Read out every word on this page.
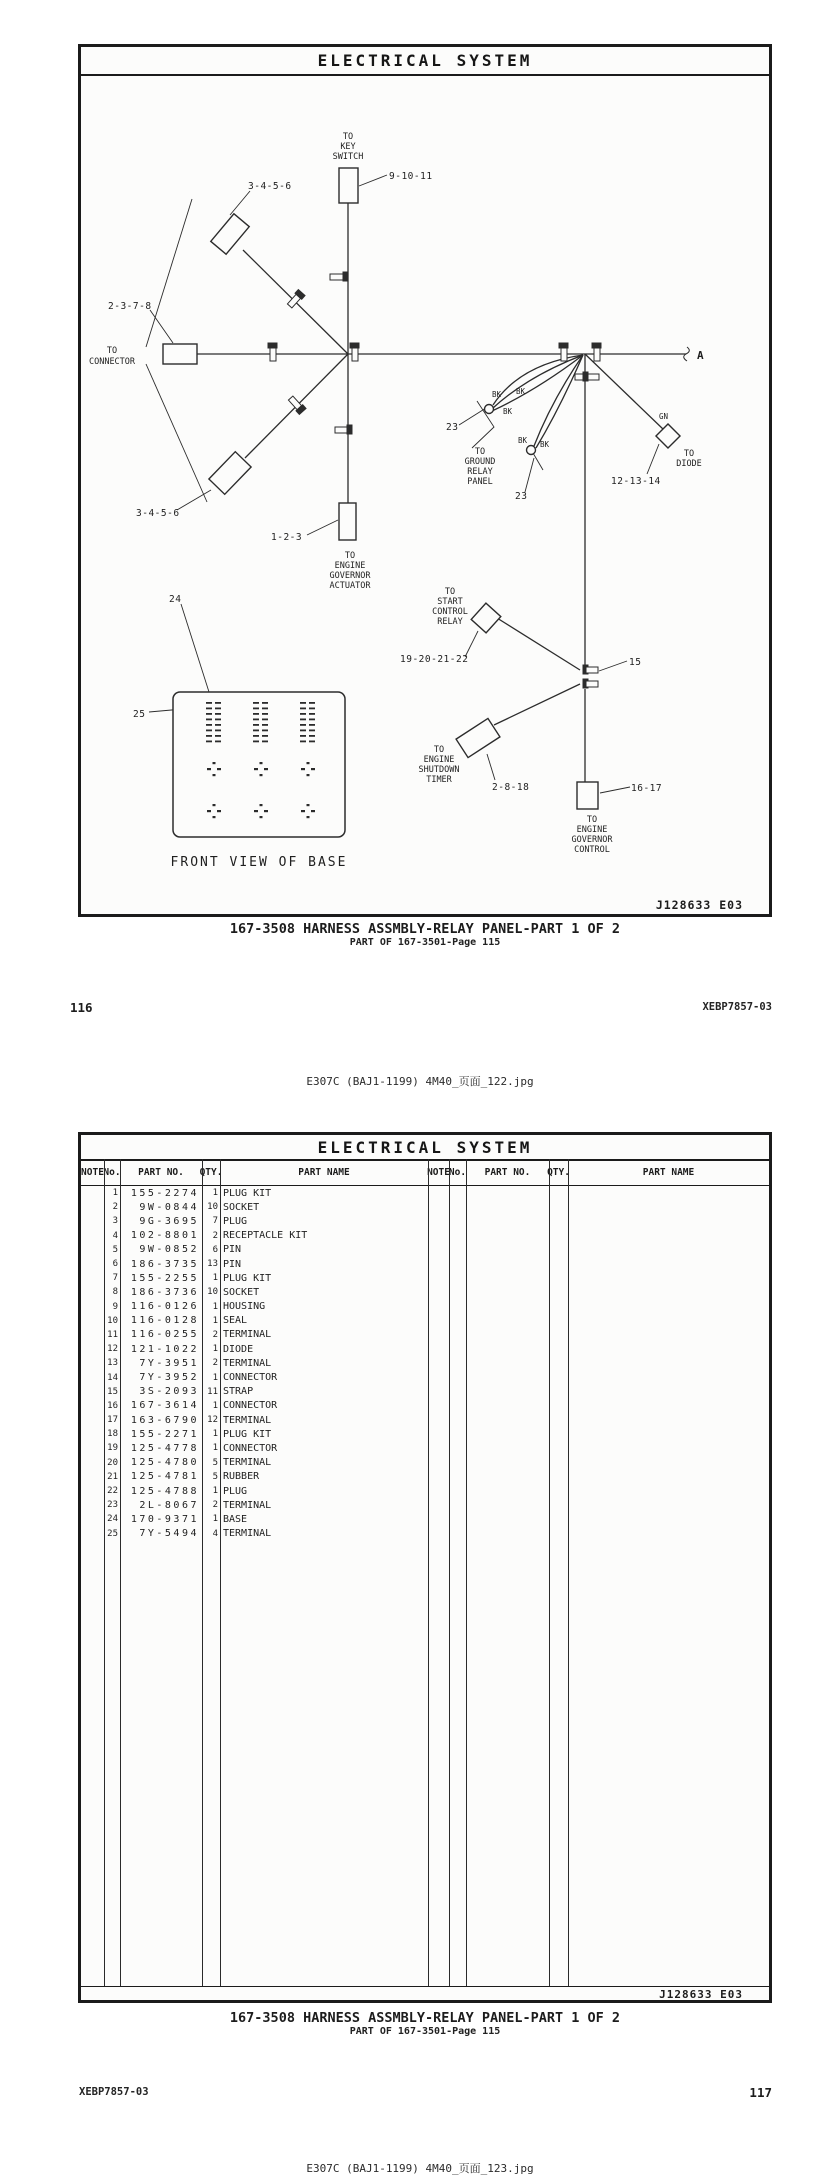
ELECTRICAL SYSTEM
TO
KEY
SWITCH
9-10-11
3-4-5-6
2-3-7-8
TO
CONNECTOR
3-4-5-6
1-2-3
TO
ENGINE
GOVERNOR
ACTUATOR
BK BK
BK
BK BK
23
23
TO
GROUND
RELAY
PANEL
GN
TO
DIODE
12-13-14
A
24
25
FRONT VIEW OF BASE
TO
START
CONTROL
RELAY
19-20-21-22	15
TO
ENGINE
SHUTDOWN
TIMER
2-8-18	16-17
TO
ENGINE
GOVERNOR
CONTROL
J128633 E03
167-3508 HARNESS ASSMBLY-RELAY PANEL-PART 1 OF 2
PART OF 167-3501-Page 115
116	XEBP7857-03
E307C (BAJ1-1199) 4M40_页面_122.jpg
ELECTRICAL SYSTEM
NOTE No.	PART NO.	QTY.	PART NAME	NOTE
No.	PART NO.	QTY.	PART NAME
1	155-2274	1 PLUG KIT
2	9W-0844 10 SOCKET
3	9G-3695	7 PLUG
4	102-8801	2 RECEPTACLE KIT
5	9W-0852	6 PIN
6	186-3735 13 PIN
7	155-2255	1 PLUG KIT
8	186-3736 10 SOCKET
9	116-0126	1 HOUSING
10	116-0128	1 SEAL
11	116-0255	2 TERMINAL
12	121-1022	1 DIODE
13	7Y-3951	2 TERMINAL
14	7Y-3952	1 CONNECTOR
15	3S-2093 11 STRAP
16	167-3614	1 CONNECTOR
17	163-6790 12 TERMINAL
18	155-2271	1 PLUG KIT
19	125-4778	1 CONNECTOR
20	125-4780	5 TERMINAL
21	125-4781	5 RUBBER
22	125-4788	1 PLUG
23	2L-8067	2 TERMINAL
24	170-9371	1 BASE
25	7Y-5494	4 TERMINAL
J128633 E03
167-3508 HARNESS ASSMBLY-RELAY PANEL-PART 1 OF 2
PART OF 167-3501-Page 115
XEBP7857-03	117
E307C (BAJ1-1199) 4M40_页面_123.jpg
